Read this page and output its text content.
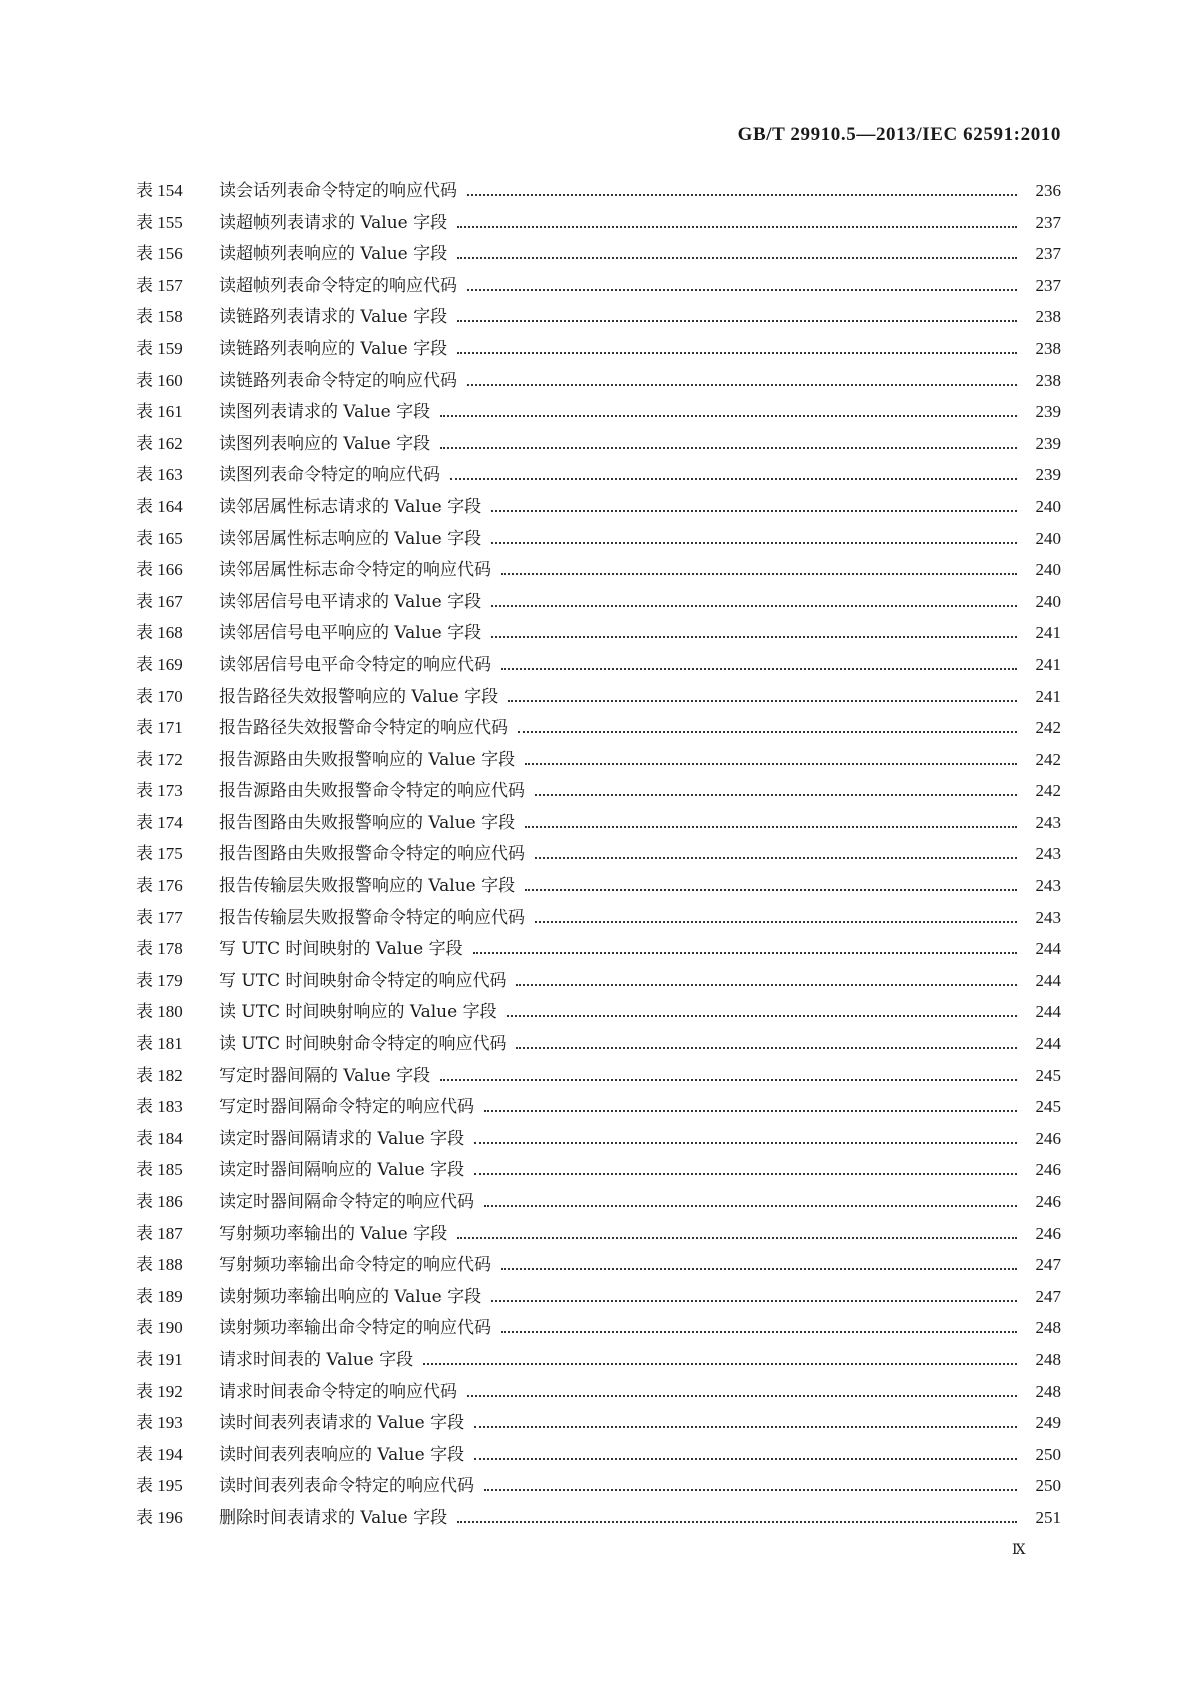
GB/T 29910.5—2013/IEC 62591:2010
表 154	读会话列表命令特定的响应代码	236
表 155	读超帧列表请求的 Value 字段	237
表 156	读超帧列表响应的 Value 字段	237
表 157	读超帧列表命令特定的响应代码	237
表 158	读链路列表请求的 Value 字段	238
表 159	读链路列表响应的 Value 字段	238
表 160	读链路列表命令特定的响应代码	238
表 161	读图列表请求的 Value 字段	239
表 162	读图列表响应的 Value 字段	239
表 163	读图列表命令特定的响应代码	239
表 164	读邻居属性标志请求的 Value 字段	240
表 165	读邻居属性标志响应的 Value 字段	240
表 166	读邻居属性标志命令特定的响应代码	240
表 167	读邻居信号电平请求的 Value 字段	240
表 168	读邻居信号电平响应的 Value 字段	241
表 169	读邻居信号电平命令特定的响应代码	241
表 170	报告路径失效报警响应的 Value 字段	241
表 171	报告路径失效报警命令特定的响应代码	242
表 172	报告源路由失败报警响应的 Value 字段	242
表 173	报告源路由失败报警命令特定的响应代码	242
表 174	报告图路由失败报警响应的 Value 字段	243
表 175	报告图路由失败报警命令特定的响应代码	243
表 176	报告传输层失败报警响应的 Value 字段	243
表 177	报告传输层失败报警命令特定的响应代码	243
表 178	写 UTC 时间映射的 Value 字段	244
表 179	写 UTC 时间映射命令特定的响应代码	244
表 180	读 UTC 时间映射响应的 Value 字段	244
表 181	读 UTC 时间映射命令特定的响应代码	244
表 182	写定时器间隔的 Value 字段	245
表 183	写定时器间隔命令特定的响应代码	245
表 184	读定时器间隔请求的 Value 字段	246
表 185	读定时器间隔响应的 Value 字段	246
表 186	读定时器间隔命令特定的响应代码	246
表 187	写射频功率输出的 Value 字段	246
表 188	写射频功率输出命令特定的响应代码	247
表 189	读射频功率输出响应的 Value 字段	247
表 190	读射频功率输出命令特定的响应代码	248
表 191	请求时间表的 Value 字段	248
表 192	请求时间表命令特定的响应代码	248
表 193	读时间表列表请求的 Value 字段	249
表 194	读时间表列表响应的 Value 字段	250
表 195	读时间表列表命令特定的响应代码	250
表 196	删除时间表请求的 Value 字段	251
Ⅸ
